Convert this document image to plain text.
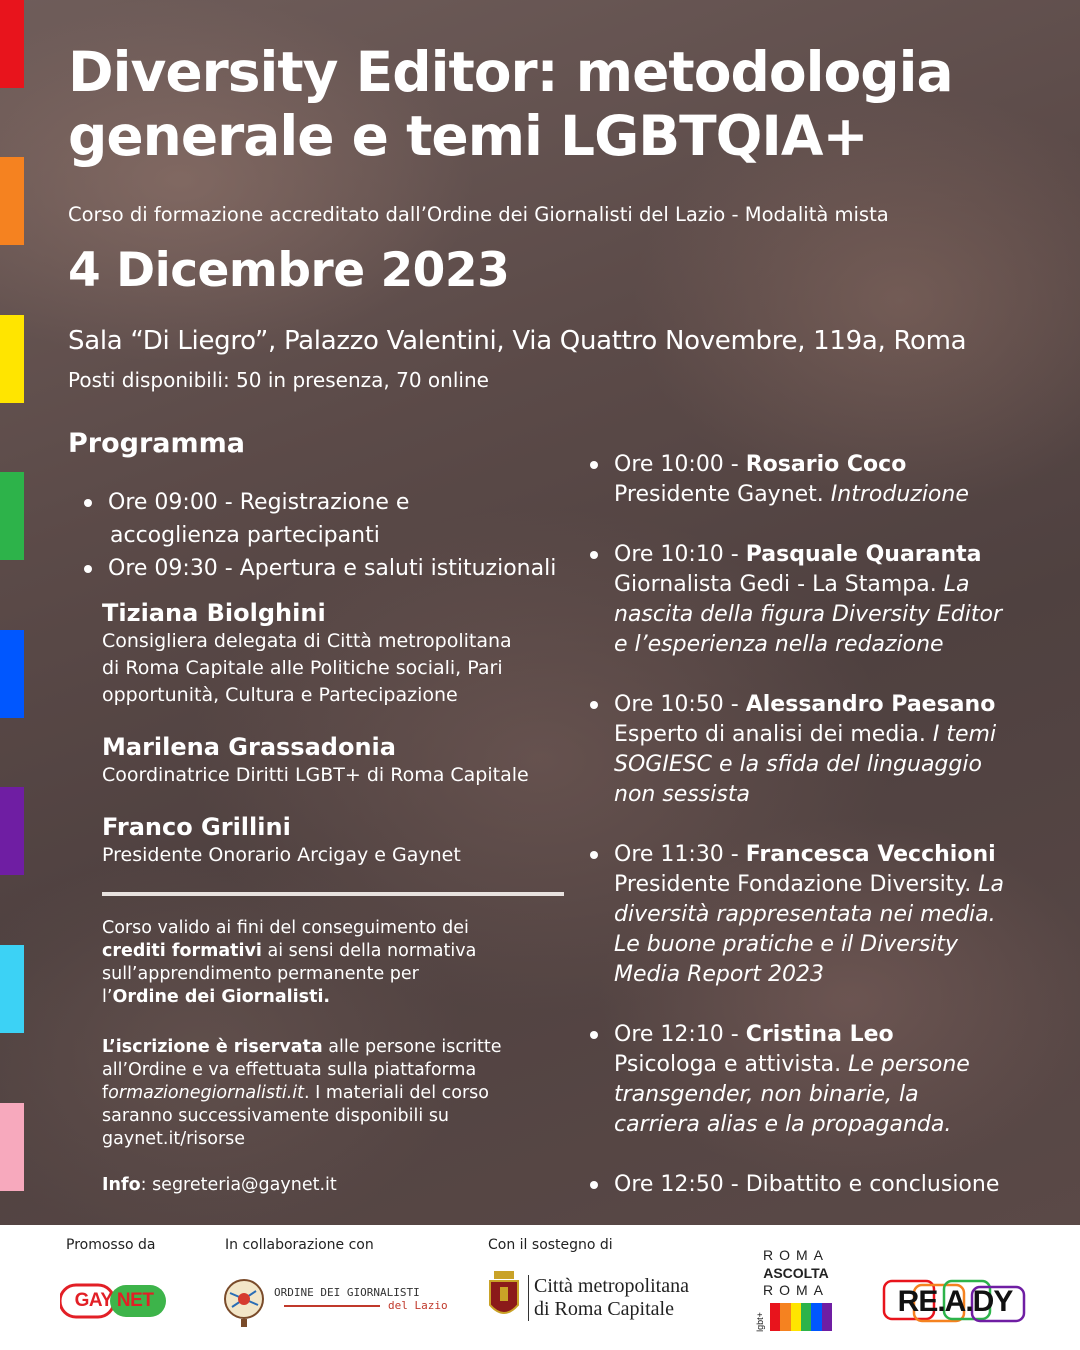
Diversity Editor: metodologia
generale e temi LGBTQIA+
Corso di formazione accreditato dall’Ordine dei Giornalisti del Lazio - Modalità mista
4 Dicembre 2023
Sala “Di Liegro”, Palazzo Valentini, Via Quattro Novembre, 119a, Roma
Posti disponibili: 50 in presenza, 70 online
Programma
Ore 09:00 - Registrazione e
accoglienza partecipanti
Ore 09:30 - Apertura e saluti istituzionali
Tiziana Biolghini
Consigliera delegata di Città metropolitana
di Roma Capitale alle Politiche sociali, Pari
opportunità, Cultura e Partecipazione
Marilena Grassadonia
Coordinatrice Diritti LGBT+ di Roma Capitale
Franco Grillini
Presidente Onorario Arcigay e Gaynet
Corso valido ai fini del conseguimento dei
crediti formativi ai sensi della normativa
sull’apprendimento permanente per
l’Ordine dei Giornalisti.
L’iscrizione è riservata alle persone iscritte
all’Ordine e va effettuata sulla piattaforma
formazionegiornalisti.it. I materiali del corso
saranno successivamente disponibili su
gaynet.it/risorse
Info: segreteria@gaynet.it
Ore 10:00 - Rosario Coco
Presidente Gaynet. Introduzione
Ore 10:10 - Pasquale Quaranta
Giornalista Gedi - La Stampa. La
nascita della figura Diversity Editor
e l’esperienza nella redazione
Ore 10:50 - Alessandro Paesano
Esperto di analisi dei media. I temi
SOGIESC e la sfida del linguaggio
non sessista
Ore 11:30 - Francesca Vecchioni
Presidente Fondazione Diversity. La
diversità rappresentata nei media.
Le buone pratiche e il Diversity
Media Report 2023
Ore 12:10 - Cristina Leo
Psicologa e attivista. Le persone
transgender, non binarie, la
carriera alias e la propaganda.
Ore 12:50 - Dibattito e conclusione
Promosso da	In collaborazione con	Con il sostegno di
GAY NET	ORDINE DEI GIORNALISTI
del Lazio
Città metropolitana
di Roma Capitale
ROMA
ASCOLTA
ROMA
lgbt+
RE.A.DY
